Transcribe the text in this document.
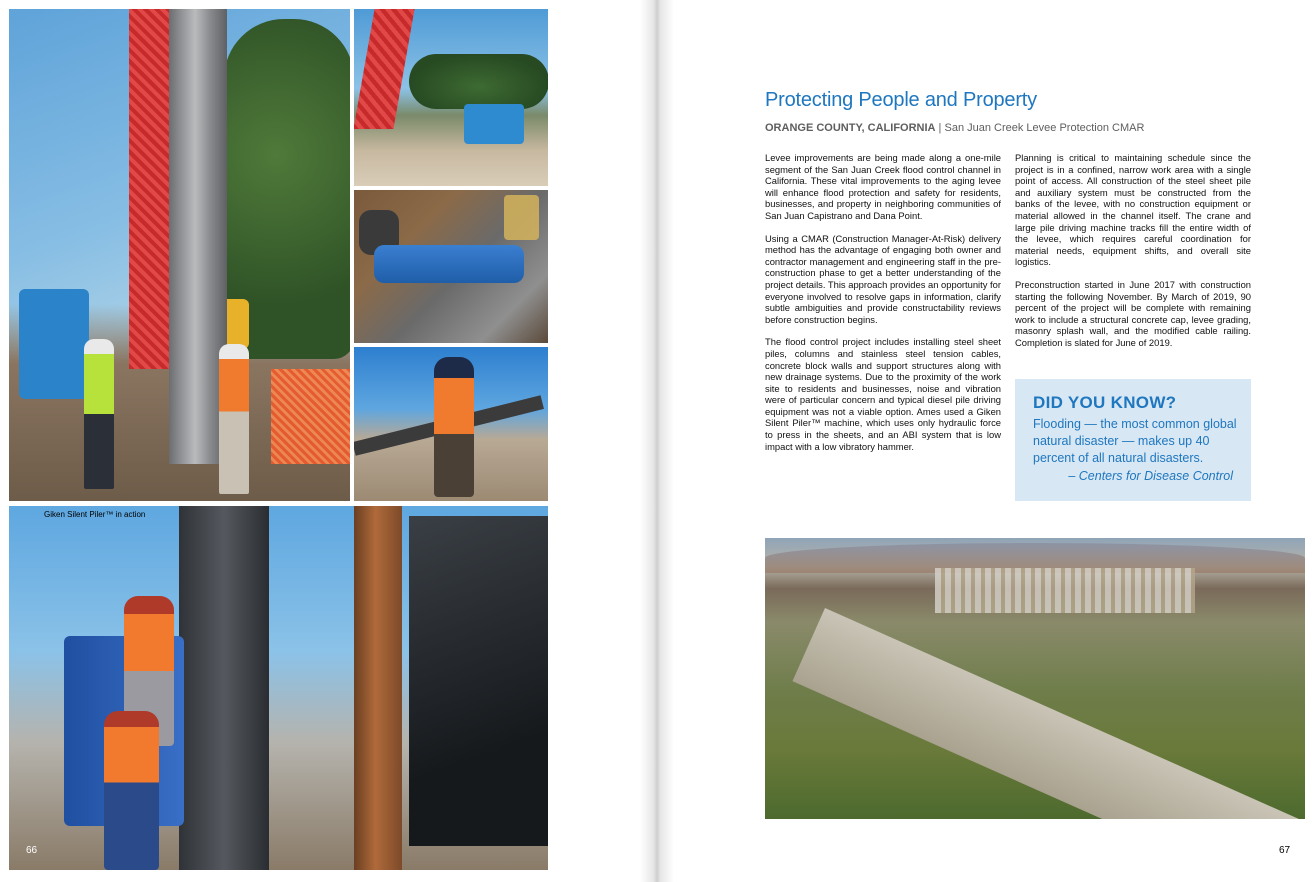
Giken Silent Piler™ in action
66
Protecting People and Property
ORANGE COUNTY, CALIFORNIA | San Juan Creek Levee Protection CMAR

Levee improvements are being made along a one-mile segment of the San Juan Creek flood control channel in California. These vital improvements to the aging levee will enhance flood protection and safety for residents, businesses, and property in neighboring communities of San Juan Capistrano and Dana Point.

Using a CMAR (Construction Manager-At-Risk) delivery method has the advantage of engaging both owner and contractor management and engineering staff in the pre-construction phase to get a better understanding of the project details. This approach provides an opportunity for everyone involved to resolve gaps in information, clarify subtle ambiguities and provide constructability reviews before construction begins.

The flood control project includes installing steel sheet piles, columns and stainless steel tension cables, concrete block walls and support structures along with new drainage systems. Due to the proximity of the work site to residents and businesses, noise and vibration were of particular concern and typical diesel pile driving equipment was not a viable option. Ames used a Giken Silent Piler™ machine, which uses only hydraulic force to press in the sheets, and an ABI system that is low impact with a low vibratory hammer.

Planning is critical to maintaining schedule since the project is in a confined, narrow work area with a single point of access. All construction of the steel sheet pile and auxiliary system must be constructed from the banks of the levee, with no construction equipment or material allowed in the channel itself. The crane and large pile driving machine tracks fill the entire width of the levee, which requires careful coordination for material needs, equipment shifts, and overall site logistics.

Preconstruction started in June 2017 with construction starting the following November. By March of 2019, 90 percent of the project will be complete with remaining work to include a structural concrete cap, levee grading, masonry splash wall, and the modified cable railing. Completion is slated for June of 2019.

DID YOU KNOW?
Flooding — the most common global natural disaster — makes up 40 percent of all natural disasters.
– Centers for Disease Control
67
